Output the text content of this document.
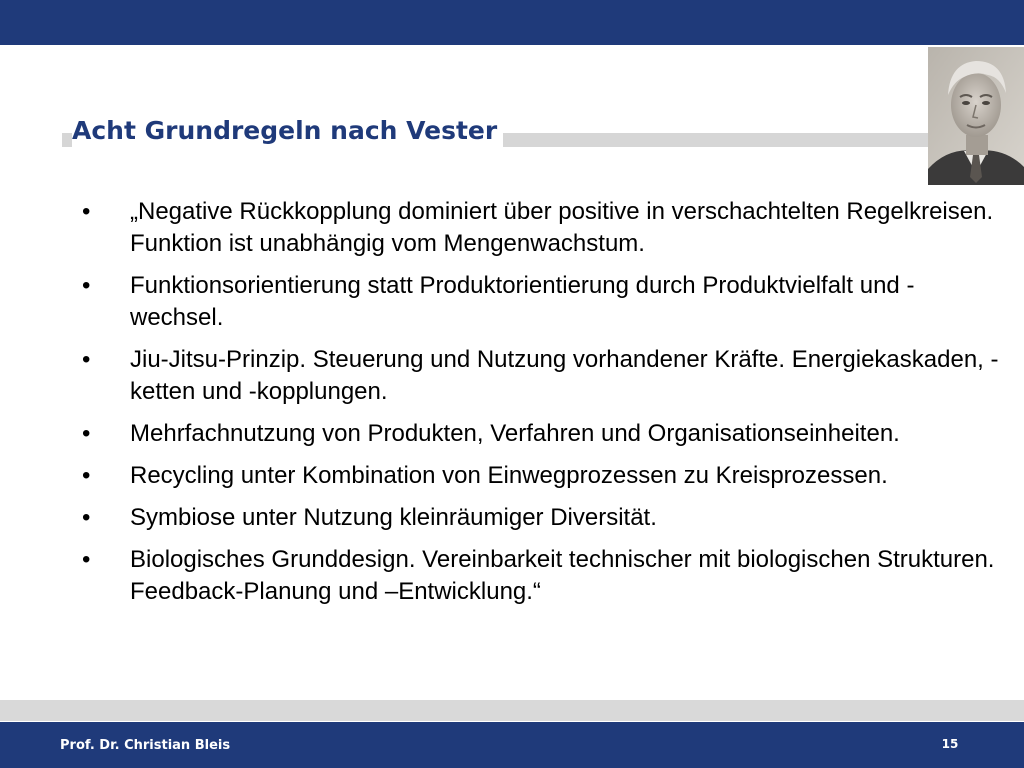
Acht Grundregeln nach Vester
• „Negative Rückkopplung dominiert über positive in verschachtelten Regelkreisen. Funktion ist unabhängig vom Mengenwachstum.
• Funktionsorientierung statt Produktorientierung durch Produktvielfalt und -wechsel.
• Jiu-Jitsu-Prinzip. Steuerung und Nutzung vorhandener Kräfte. Energiekaskaden, -ketten und -kopplungen.
• Mehrfachnutzung von Produkten, Verfahren und Organisationseinheiten.
• Recycling unter Kombination von Einwegprozessen zu Kreisprozessen.
• Symbiose unter Nutzung kleinräumiger Diversität.
• Biologisches Grunddesign. Vereinbarkeit technischer mit biologischen Strukturen. Feedback-Planung und –Entwicklung.“
Prof. Dr. Christian Bleis	15
